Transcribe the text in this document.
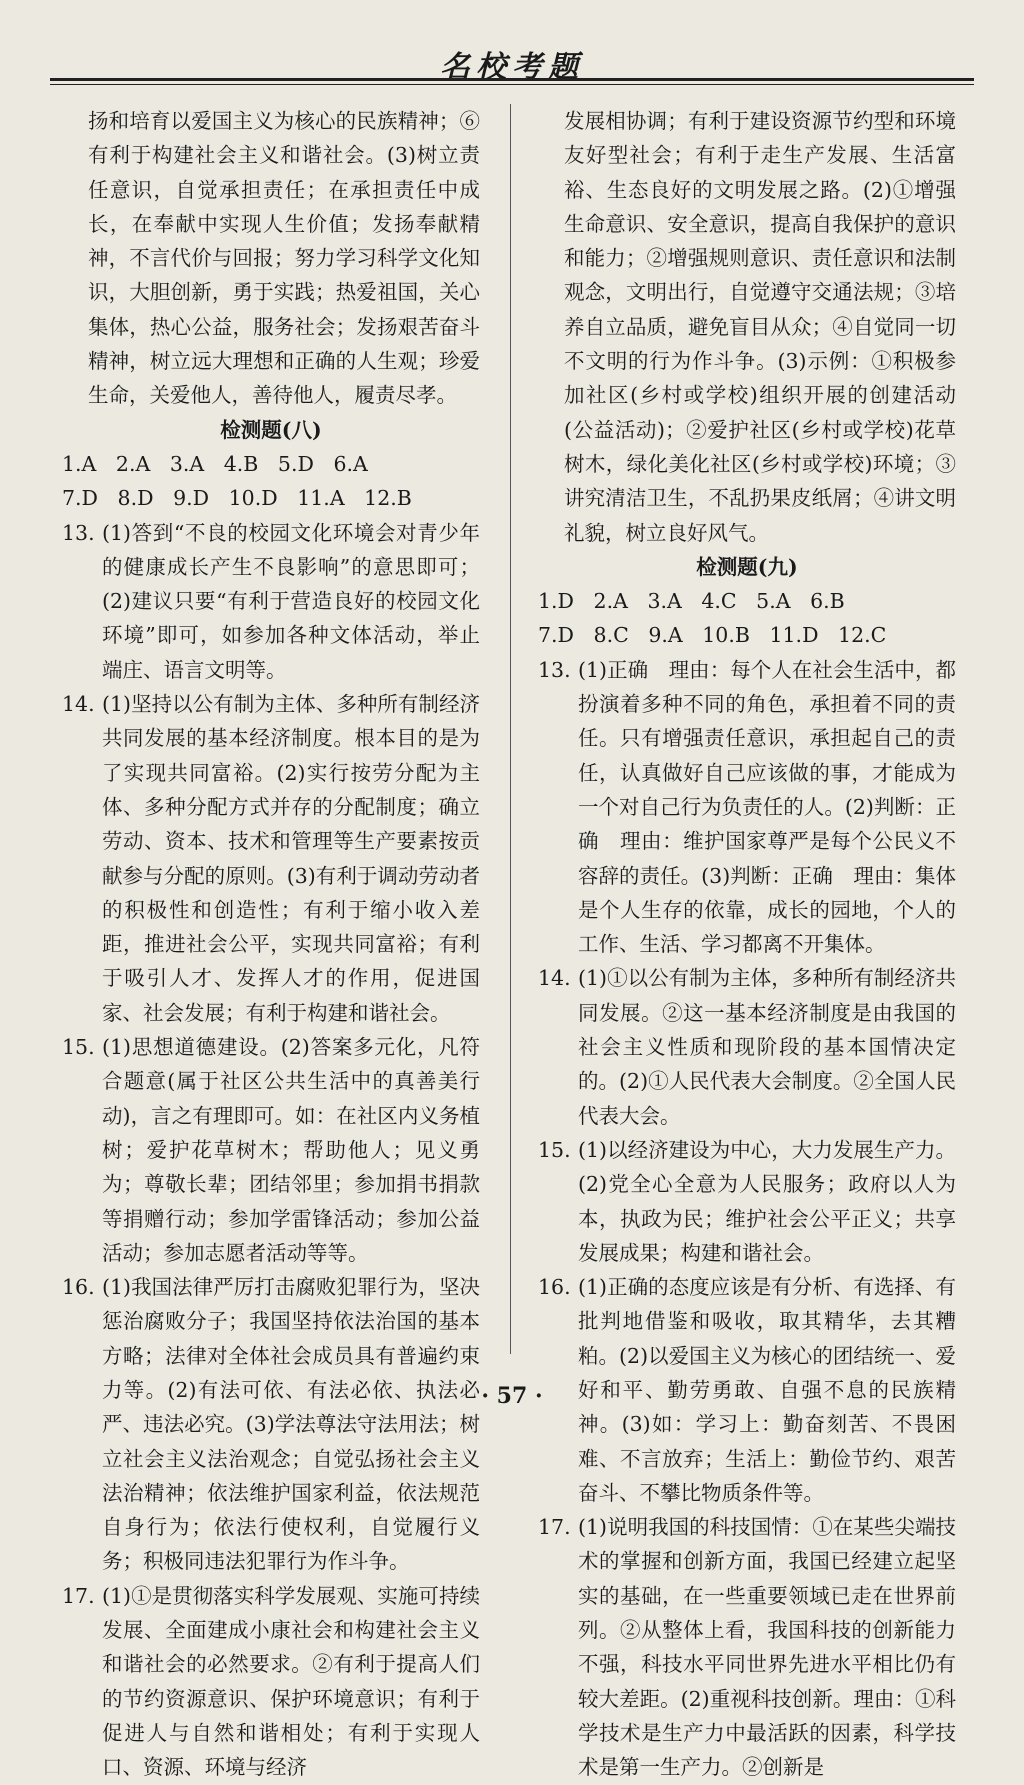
名校考题

扬和培育以爱国主义为核心的民族精神；⑥有利于构建社会主义和谐社会。(3)树立责任意识，自觉承担责任；在承担责任中成长，在奉献中实现人生价值；发扬奉献精神，不言代价与回报；努力学习科学文化知识，大胆创新，勇于实践；热爱祖国，关心集体，热心公益，服务社会；发扬艰苦奋斗精神，树立远大理想和正确的人生观；珍爱生命，关爱他人，善待他人，履责尽孝。

检测题(八)

1.A   2.A   3.A   4.B   5.D   6.A

7.D   8.D   9.D   10.D   11.A   12.B

13. (1)答到“不良的校园文化环境会对青少年的健康成长产生不良影响”的意思即可；(2)建议只要“有利于营造良好的校园文化环境”即可，如参加各种文体活动，举止端庄、语言文明等。

14. (1)坚持以公有制为主体、多种所有制经济共同发展的基本经济制度。根本目的是为了实现共同富裕。(2)实行按劳分配为主体、多种分配方式并存的分配制度；确立劳动、资本、技术和管理等生产要素按贡献参与分配的原则。(3)有利于调动劳动者的积极性和创造性；有利于缩小收入差距，推进社会公平，实现共同富裕；有利于吸引人才、发挥人才的作用，促进国家、社会发展；有利于构建和谐社会。

15. (1)思想道德建设。(2)答案多元化，凡符合题意(属于社区公共生活中的真善美行动)，言之有理即可。如：在社区内义务植树；爱护花草树木；帮助他人；见义勇为；尊敬长辈；团结邻里；参加捐书捐款等捐赠行动；参加学雷锋活动；参加公益活动；参加志愿者活动等等。

16. (1)我国法律严厉打击腐败犯罪行为，坚决惩治腐败分子；我国坚持依法治国的基本方略；法律对全体社会成员具有普遍约束力等。(2)有法可依、有法必依、执法必严、违法必究。(3)学法尊法守法用法；树立社会主义法治观念；自觉弘扬社会主义法治精神；依法维护国家利益，依法规范自身行为；依法行使权利，自觉履行义务；积极同违法犯罪行为作斗争。

17. (1)①是贯彻落实科学发展观、实施可持续发展、全面建成小康社会和构建社会主义和谐社会的必然要求。②有利于提高人们的节约资源意识、保护环境意识；有利于促进人与自然和谐相处；有利于实现人口、资源、环境与经济

发展相协调；有利于建设资源节约型和环境友好型社会；有利于走生产发展、生活富裕、生态良好的文明发展之路。(2)①增强生命意识、安全意识，提高自我保护的意识和能力；②增强规则意识、责任意识和法制观念，文明出行，自觉遵守交通法规；③培养自立品质，避免盲目从众；④自觉同一切不文明的行为作斗争。(3)示例：①积极参加社区(乡村或学校)组织开展的创建活动(公益活动)；②爱护社区(乡村或学校)花草树木，绿化美化社区(乡村或学校)环境；③讲究清洁卫生，不乱扔果皮纸屑；④讲文明礼貌，树立良好风气。

检测题(九)

1.D   2.A   3.A   4.C   5.A   6.B

7.D   8.C   9.A   10.B   11.D   12.C

13. (1)正确　理由：每个人在社会生活中，都扮演着多种不同的角色，承担着不同的责任。只有增强责任意识，承担起自己的责任，认真做好自己应该做的事，才能成为一个对自己行为负责任的人。(2)判断：正确　理由：维护国家尊严是每个公民义不容辞的责任。(3)判断：正确　理由：集体是个人生存的依靠，成长的园地，个人的工作、生活、学习都离不开集体。

14. (1)①以公有制为主体，多种所有制经济共同发展。②这一基本经济制度是由我国的社会主义性质和现阶段的基本国情决定的。(2)①人民代表大会制度。②全国人民代表大会。

15. (1)以经济建设为中心，大力发展生产力。(2)党全心全意为人民服务；政府以人为本，执政为民；维护社会公平正义；共享发展成果；构建和谐社会。

16. (1)正确的态度应该是有分析、有选择、有批判地借鉴和吸收，取其精华，去其糟粕。(2)以爱国主义为核心的团结统一、爱好和平、勤劳勇敢、自强不息的民族精神。(3)如：学习上：勤奋刻苦、不畏困难、不言放弃；生活上：勤俭节约、艰苦奋斗、不攀比物质条件等。

17. (1)说明我国的科技国情：①在某些尖端技术的掌握和创新方面，我国已经建立起坚实的基础，在一些重要领域已走在世界前列。②从整体上看，我国科技的创新能力不强，科技水平同世界先进水平相比仍有较大差距。(2)重视科技创新。理由：①科学技术是生产力中最活跃的因素，科学技术是第一生产力。②创新是

· 57 ·
